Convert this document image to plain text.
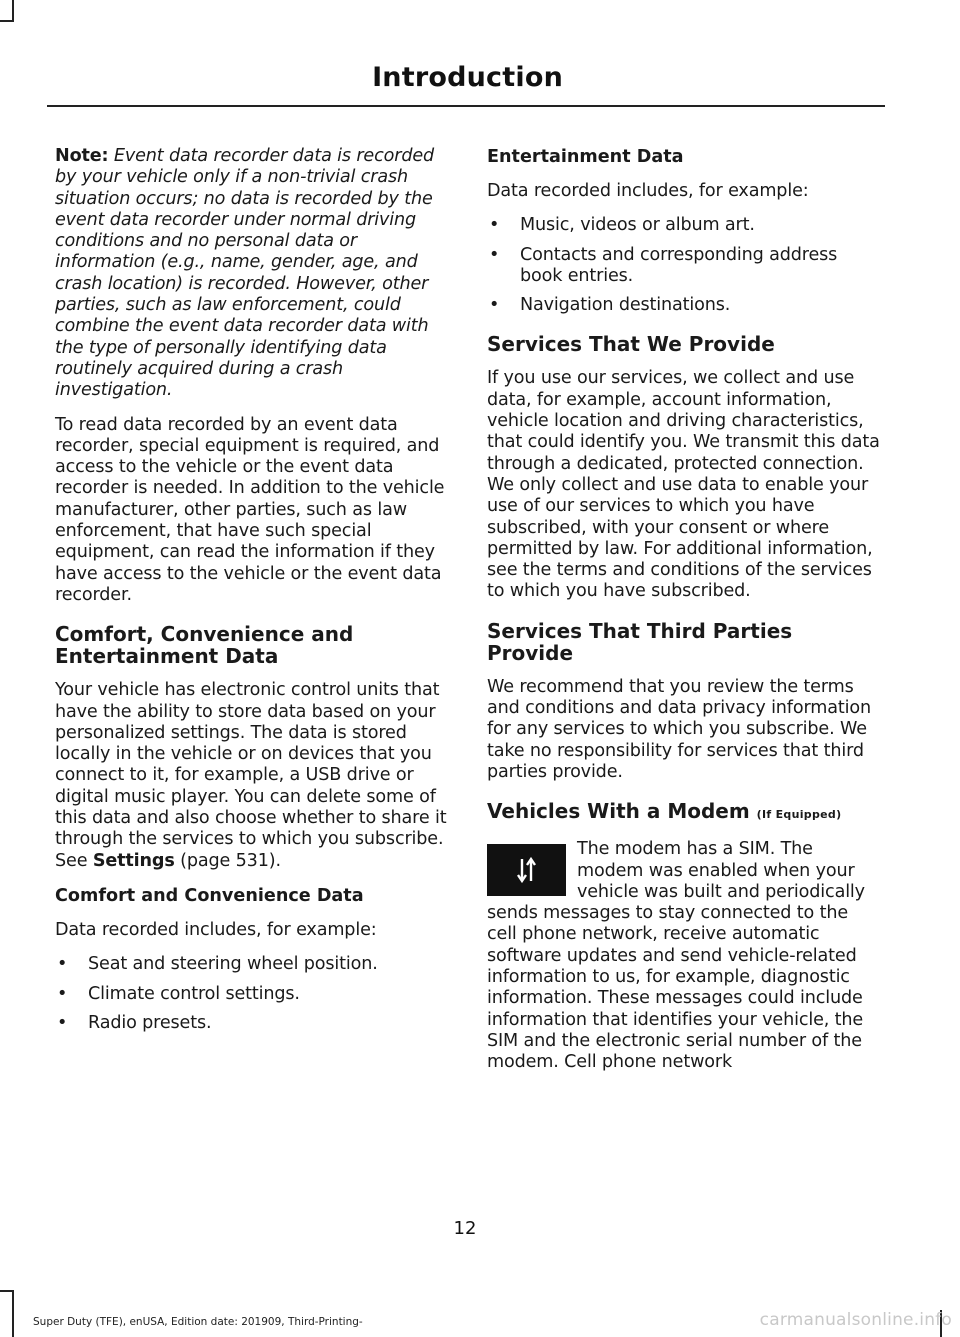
Introduction

Note: Event data recorder data is recorded by your vehicle only if a non-trivial crash situation occurs; no data is recorded by the event data recorder under normal driving conditions and no personal data or information (e.g., name, gender, age, and crash location) is recorded. However, other parties, such as law enforcement, could combine the event data recorder data with the type of personally identifying data routinely acquired during a crash investigation.

To read data recorded by an event data recorder, special equipment is required, and access to the vehicle or the event data recorder is needed. In addition to the vehicle manufacturer, other parties, such as law enforcement, that have such special equipment, can read the information if they have access to the vehicle or the event data recorder.

Comfort, Convenience and Entertainment Data

Your vehicle has electronic control units that have the ability to store data based on your personalized settings. The data is stored locally in the vehicle or on devices that you connect to it, for example, a USB drive or digital music player. You can delete some of this data and also choose whether to share it through the services to which you subscribe. See Settings (page 531).

Comfort and Convenience Data

Data recorded includes, for example:

• Seat and steering wheel position.
• Climate control settings.
• Radio presets.
Entertainment Data

Data recorded includes, for example:

• Music, videos or album art.
• Contacts and corresponding address book entries.
• Navigation destinations.
Services That We Provide

If you use our services, we collect and use data, for example, account information, vehicle location and driving characteristics, that could identify you. We transmit this data through a dedicated, protected connection. We only collect and use data to enable your use of our services to which you have subscribed, with your consent or where permitted by law. For additional information, see the terms and conditions of the services to which you have subscribed.

Services That Third Parties Provide

We recommend that you review the terms and conditions and data privacy information for any services to which you subscribe. We take no responsibility for services that third parties provide.

Vehicles With a Modem (If Equipped)

The modem has a SIM. The modem was enabled when your vehicle was built and periodically sends messages to stay connected to the cell phone network, receive automatic software updates and send vehicle-related information to us, for example, diagnostic information. These messages could include information that identifies your vehicle, the SIM and the electronic serial number of the modem. Cell phone network

12
Super Duty (TFE), enUSA, Edition date: 201909, Third-Printing-	carmanualsonline.info
